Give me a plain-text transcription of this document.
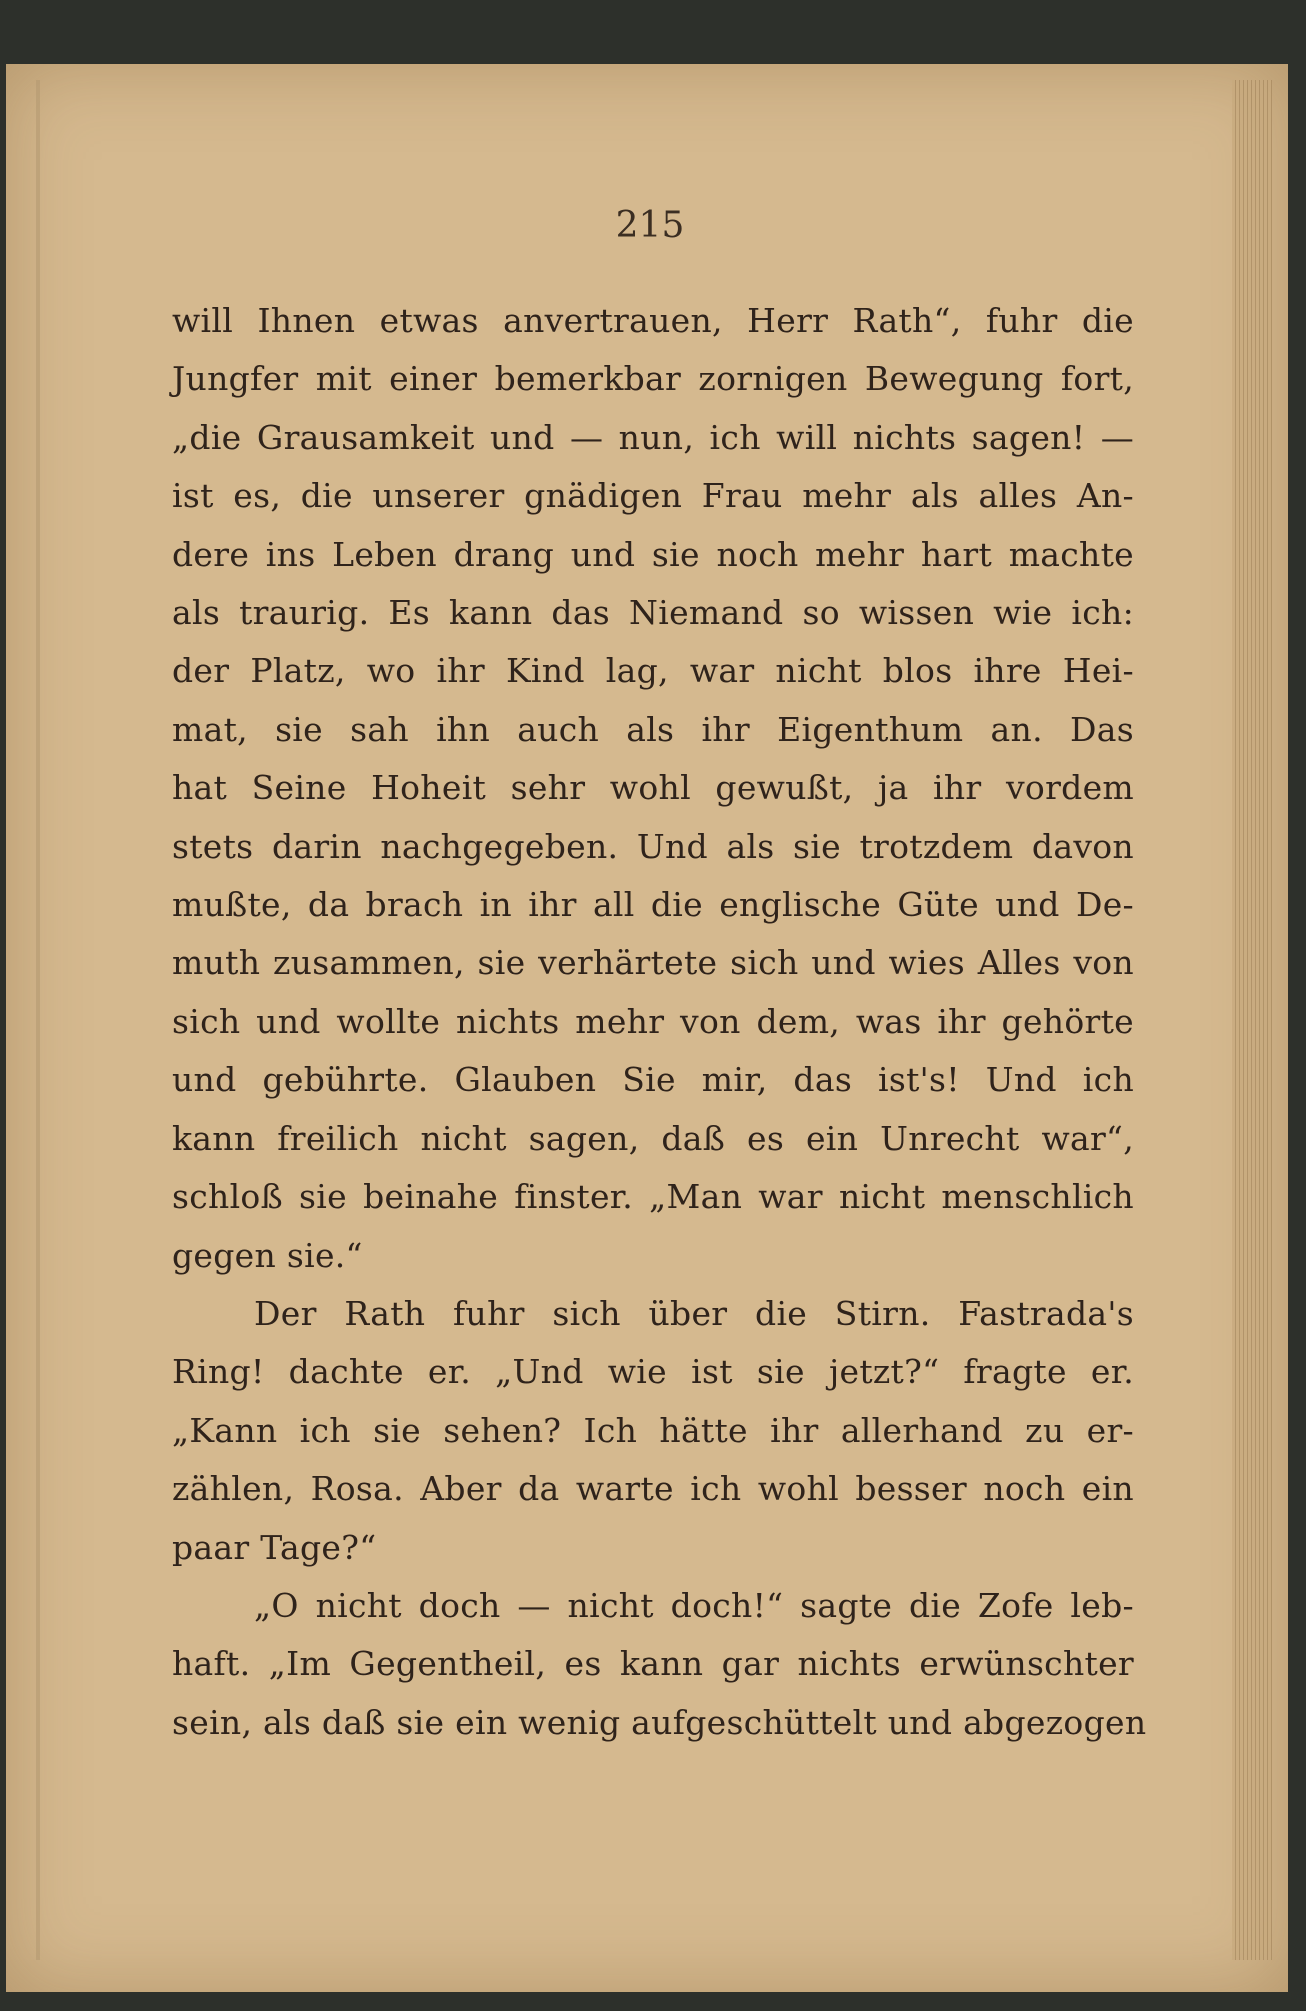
215
will Ihnen etwas anvertrauen, Herr Rath“, fuhr die
Jungfer mit einer bemerkbar zornigen Bewegung fort,
„die Grausamkeit und — nun, ich will nichts sagen! —
ist es, die unserer gnädigen Frau mehr als alles An-
dere ins Leben drang und sie noch mehr hart machte
als traurig. Es kann das Niemand so wissen wie ich:
der Platz, wo ihr Kind lag, war nicht blos ihre Hei-
mat, sie sah ihn auch als ihr Eigenthum an. Das
hat Seine Hoheit sehr wohl gewußt, ja ihr vordem
stets darin nachgegeben. Und als sie trotzdem davon
mußte, da brach in ihr all die englische Güte und De-
muth zusammen, sie verhärtete sich und wies Alles von
sich und wollte nichts mehr von dem, was ihr gehörte
und gebührte. Glauben Sie mir, das ist's! Und ich
kann freilich nicht sagen, daß es ein Unrecht war“,
schloß sie beinahe finster. „Man war nicht menschlich
gegen sie.“
Der Rath fuhr sich über die Stirn. Fastrada's
Ring! dachte er. „Und wie ist sie jetzt?“ fragte er.
„Kann ich sie sehen? Ich hätte ihr allerhand zu er-
zählen, Rosa. Aber da warte ich wohl besser noch ein
paar Tage?“
„O nicht doch — nicht doch!“ sagte die Zofe leb-
haft. „Im Gegentheil, es kann gar nichts erwünschter
sein, als daß sie ein wenig aufgeschüttelt und abgezogen
